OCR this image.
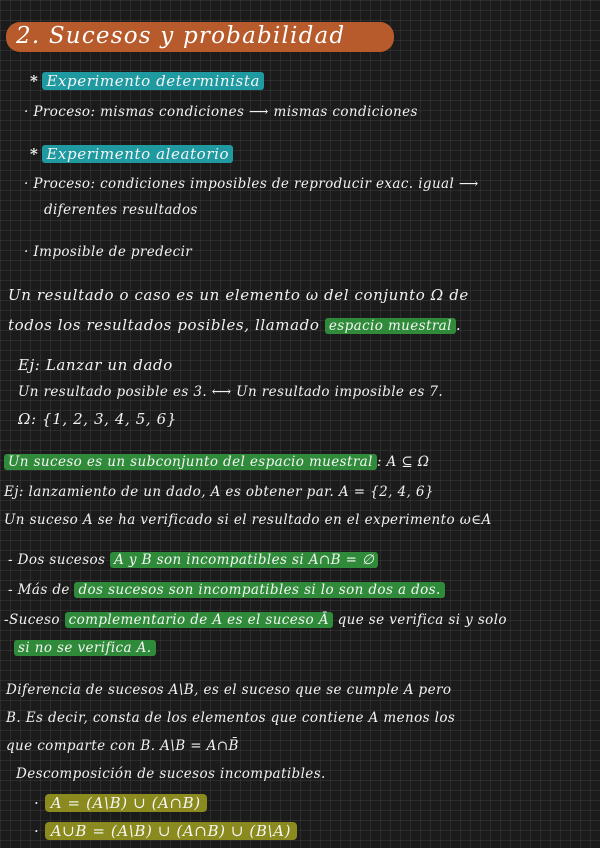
2. Sucesos y probabilidad
* Experimento determinista
· Proceso: mismas condiciones ⟶ mismas condiciones
* Experimento aleatorio
· Proceso: condiciones imposibles de reproducir exac. igual ⟶
diferentes resultados
· Imposible de predecir
Un resultado o caso es un elemento ω del conjunto Ω de
todos los resultados posibles, llamado espacio muestral .
Ej: Lanzar un dado
Un resultado posible es 3. ⟷ Un resultado imposible es 7.
Ω: {1, 2, 3, 4, 5, 6}
Un suceso es un subconjunto del espacio muestral : A ⊆ Ω
Ej: lanzamiento de un dado, A es obtener par. A = {2, 4, 6}
Un suceso A se ha verificado si el resultado en el experimento ω∈A
- Dos sucesos A y B son incompatibles si A∩B = ∅
- Más de dos sucesos son incompatibles si lo son dos a dos.
-Suceso complementario de A es el suceso Ā que se verifica si y solo
si no se verifica A.
Diferencia de sucesos A\B, es el suceso que se cumple A pero
B. Es decir, consta de los elementos que contiene A menos los
que comparte con B. A\B = A∩B̄
Descomposición de sucesos incompatibles.
· A = (A\B) ∪ (A∩B)
· A∪B = (A\B) ∪ (A∩B) ∪ (B\A)
